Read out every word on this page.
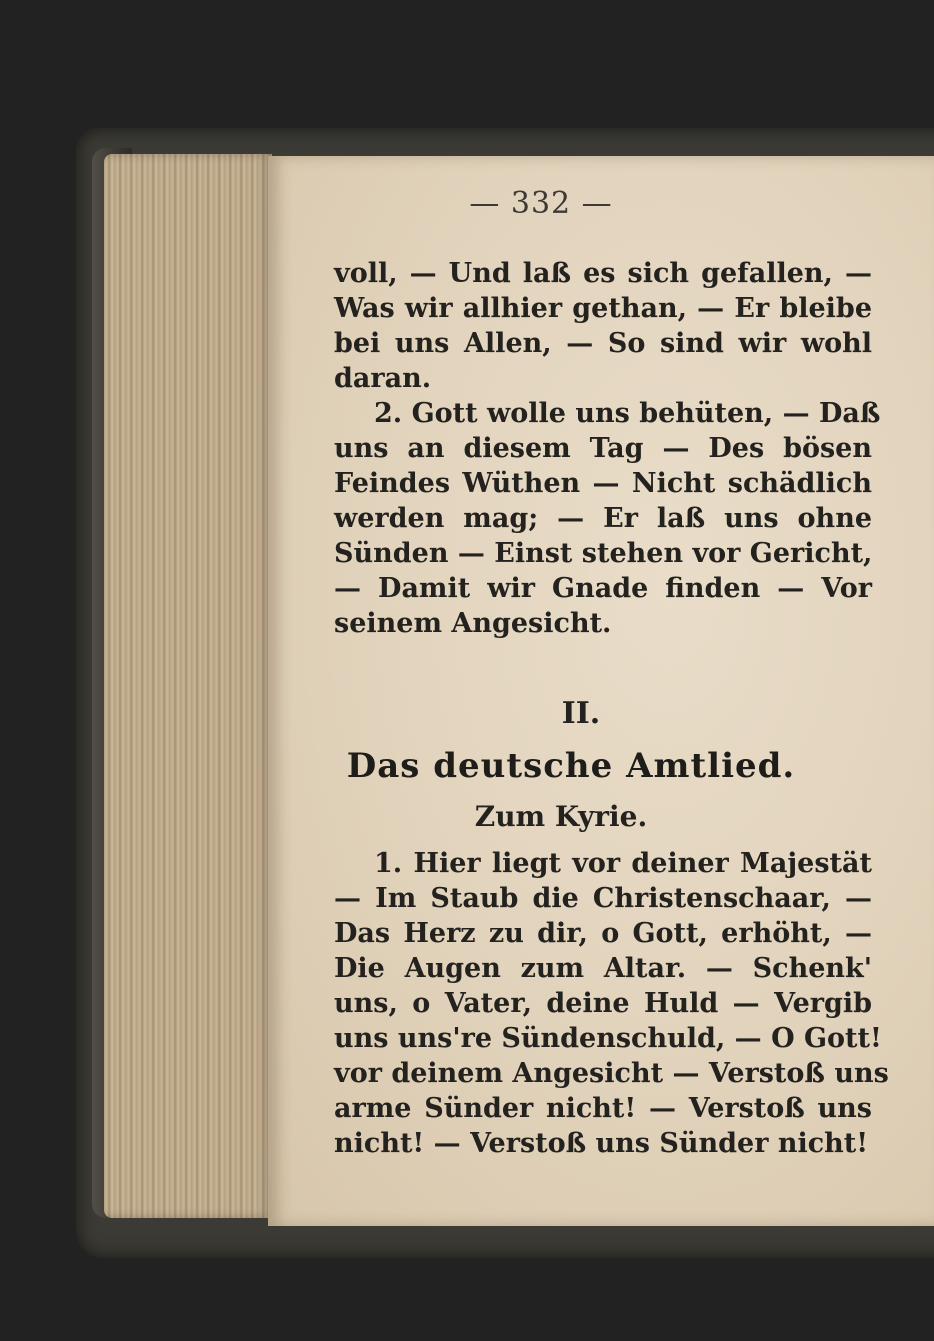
— 332 —
voll, — Und laß es sich gefallen, —
Was wir allhier gethan, — Er bleibe
bei uns Allen, — So sind wir wohl
daran.
2. Gott wolle uns behüten, — Daß
uns an diesem Tag — Des bösen
Feindes Wüthen — Nicht schädlich
werden mag; — Er laß uns ohne
Sünden — Einst stehen vor Gericht,
— Damit wir Gnade finden — Vor
seinem Angesicht.
II.
Das deutsche Amtlied.
Zum Kyrie.
1. Hier liegt vor deiner Majestät
— Im Staub die Christenschaar, —
Das Herz zu dir, o Gott, erhöht, —
Die Augen zum Altar. — Schenk'
uns, o Vater, deine Huld — Vergib
uns uns're Sündenschuld, — O Gott!
vor deinem Angesicht — Verstoß uns
arme Sünder nicht! — Verstoß uns
nicht! — Verstoß uns Sünder nicht!
